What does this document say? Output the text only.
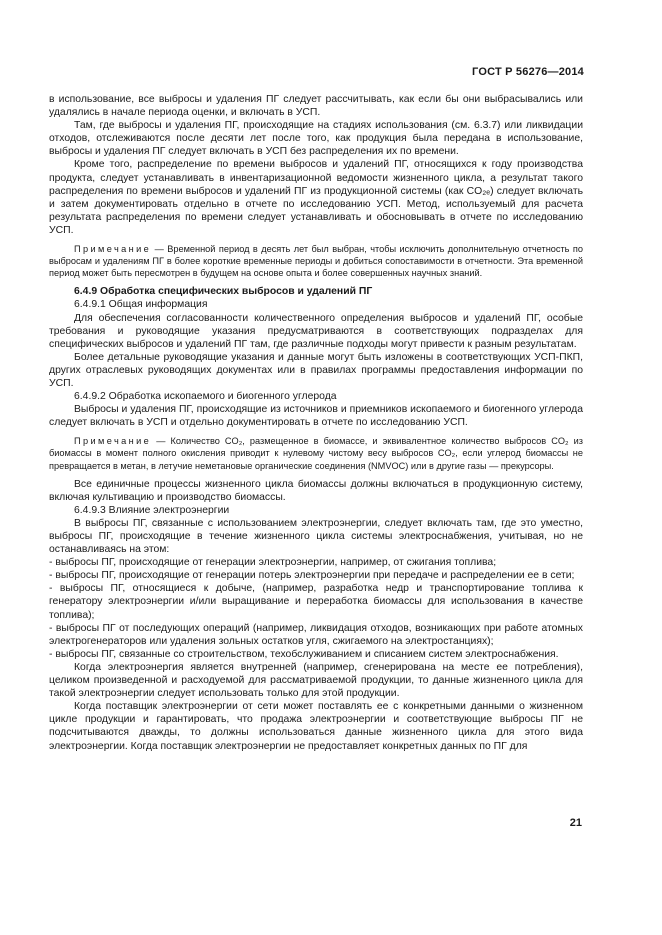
ГОСТ Р 56276—2014

в использование, все выбросы и удаления ПГ следует рассчитывать, как если бы они выбрасывались или удалялись в начале периода оценки, и включать в УСП.

Там, где выбросы и удаления ПГ, происходящие на стадиях использования (см. 6.3.7) или ликвидации отходов, отслеживаются после десяти лет после того, как продукция была передана в использование, выбросы и удаления ПГ следует включать в УСП без распределения их по времени.

Кроме того, распределение по времени выбросов и удалений ПГ, относящихся к году производства продукта, следует устанавливать в инвентаризационной ведомости жизненного цикла, а результат такого распределения по времени выбросов и удалений ПГ из продукционной системы (как CO₂ₑ) следует включать и затем документировать отдельно в отчете по исследованию УСП. Метод, используемый для расчета результата распределения по времени следует устанавливать и обосновывать в отчете по исследованию УСП.

Примечание — Временной период в десять лет был выбран, чтобы исключить дополнительную отчетность по выбросам и удалениям ПГ в более короткие временные периоды и добиться сопоставимости в отчетности. Эта временной период может быть пересмотрен в будущем на основе опыта и более совершенных научных знаний.

6.4.9 Обработка специфических выбросов и удалений ПГ

6.4.9.1 Общая информация

Для обеспечения согласованности количественного определения выбросов и удалений ПГ, особые требования и руководящие указания предусматриваются в соответствующих подразделах для специфических выбросов и удалений ПГ там, где различные подходы могут привести к разным результатам.

Более детальные руководящие указания и данные могут быть изложены в соответствующих УСП-ПКП, других отраслевых руководящих документах или в правилах программы предоставления информации по УСП.

6.4.9.2 Обработка ископаемого и биогенного углерода

Выбросы и удаления ПГ, происходящие из источников и приемников ископаемого и биогенного углерода следует включать в УСП и отдельно документировать в отчете по исследованию УСП.

Примечание — Количество CO₂, размещенное в биомассе, и эквивалентное количество выбросов CO₂ из биомассы в момент полного окисления приводит к нулевому чистому весу выбросов CO₂, если углерод биомассы не превращается в метан, в летучие неметановые органические соединения (NMVOC) или в другие газы — прекурсоры.

Все единичные процессы жизненного цикла биомассы должны включаться в продукционную систему, включая культивацию и производство биомассы.

6.4.9.3 Влияние электроэнергии

В выбросы ПГ, связанные с использованием электроэнергии, следует включать там, где это уместно, выбросы ПГ, происходящие в течение жизненного цикла системы электроснабжения, учитывая, но не останавливаясь на этом:

- выбросы ПГ, происходящие от генерации электроэнергии, например, от сжигания топлива;

- выбросы ПГ, происходящие от генерации потерь электроэнергии при передаче и распределении ее в сети;

- выбросы ПГ, относящиеся к добыче, (например, разработка недр и транспортирование топлива к генератору электроэнергии и/или выращивание и переработка биомассы для использования в качестве топлива);

- выбросы ПГ от последующих операций (например, ликвидация отходов, возникающих при работе атомных электрогенераторов или удаления зольных остатков угля, сжигаемого на электростанциях);

- выбросы ПГ, связанные со строительством, техобслуживанием и списанием систем электроснабжения.

Когда электроэнергия является внутренней (например, сгенерирована на месте ее потребления), целиком произведенной и расходуемой для рассматриваемой продукции, то данные жизненного цикла для такой электроэнергии следует использовать только для этой продукции.

Когда поставщик электроэнергии от сети может поставлять ее с конкретными данными о жизненном цикле продукции и гарантировать, что продажа электроэнергии и соответствующие выбросы ПГ не подсчитываются дважды, то должны использоваться данные жизненного цикла для этого вида электроэнергии. Когда поставщик электроэнергии не предоставляет конкретных данных по ПГ для

21
